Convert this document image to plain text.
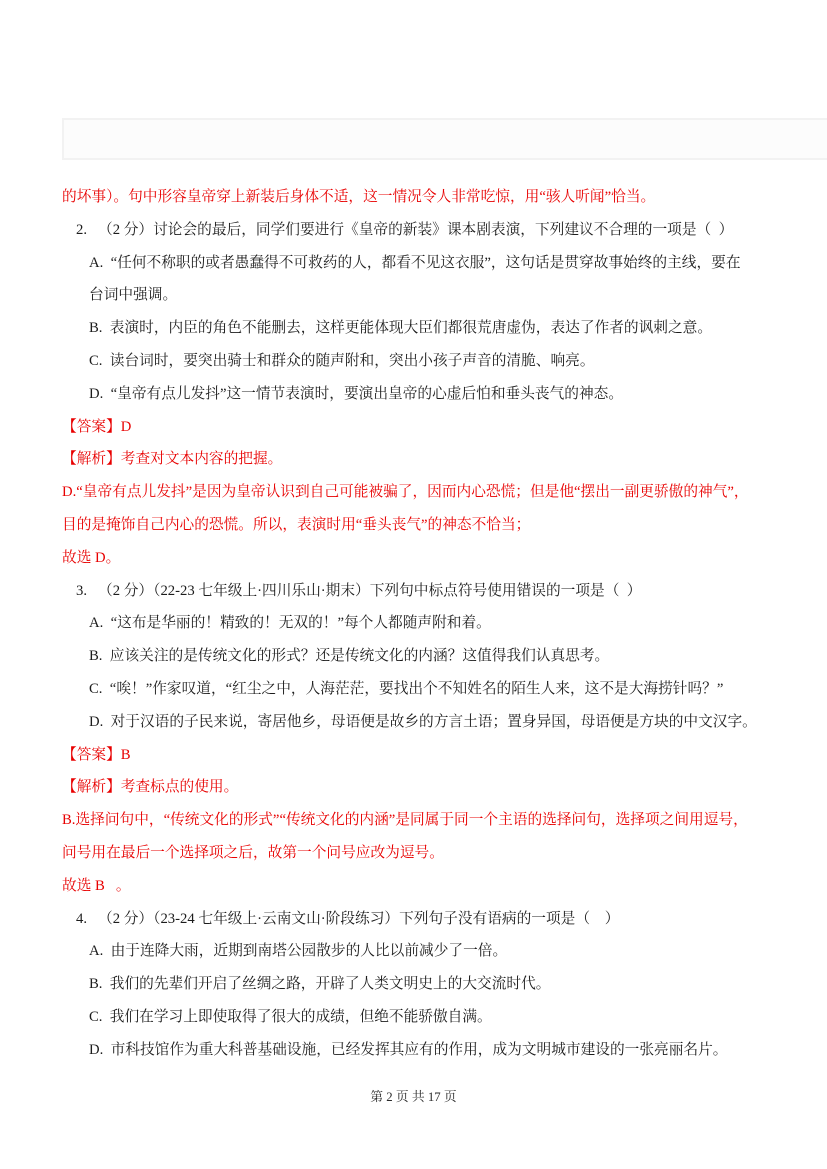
的坏事）。句中形容皇帝穿上新装后身体不适，这一情况令人非常吃惊，用“骇人听闻”恰当。
2.   （2 分）讨论会的最后，同学们要进行《皇帝的新装》课本剧表演，下列建议不合理的一项是（  ）
A.  “任何不称职的或者愚蠢得不可救药的人，都看不见这衣服”，这句话是贯穿故事始终的主线，要在
台词中强调。
B.  表演时，内臣的角色不能删去，这样更能体现大臣们都很荒唐虚伪，表达了作者的讽刺之意。
C.  读台词时，要突出骑士和群众的随声附和，突出小孩子声音的清脆、响亮。
D.  “皇帝有点儿发抖”这一情节表演时，要演出皇帝的心虚后怕和垂头丧气的神态。
【答案】D
【解析】考查对文本内容的把握。
D.“皇帝有点儿发抖”是因为皇帝认识到自己可能被骗了，因而内心恐慌；但是他“摆出一副更骄傲的神气”，
目的是掩饰自己内心的恐慌。所以，表演时用“垂头丧气”的神态不恰当；
故选 D。
3.   （2 分）（22-23 七年级上·四川乐山·期末）下列句中标点符号使用错误的一项是（  ）
A.  “这布是华丽的！精致的！无双的！”每个人都随声附和着。
B.  应该关注的是传统文化的形式？还是传统文化的内涵？这值得我们认真思考。
C.  “唉！”作家叹道，“红尘之中，人海茫茫，要找出个不知姓名的陌生人来，这不是大海捞针吗？”
D.  对于汉语的子民来说，寄居他乡，母语便是故乡的方言土语；置身异国，母语便是方块的中文汉字。
【答案】B
【解析】考查标点的使用。
B.选择问句中，“传统文化的形式”“传统文化的内涵”是同属于同一个主语的选择问句，选择项之间用逗号，
问号用在最后一个选择项之后，故第一个问号应改为逗号。
故选 B   。
4.   （2 分）（23-24 七年级上·云南文山·阶段练习）下列句子没有语病的一项是（    ）
A.  由于连降大雨，近期到南塔公园散步的人比以前减少了一倍。
B.  我们的先辈们开启了丝绸之路，开辟了人类文明史上的大交流时代。
C.  我们在学习上即使取得了很大的成绩，但绝不能骄傲自满。
D.  市科技馆作为重大科普基础设施，已经发挥其应有的作用，成为文明城市建设的一张亮丽名片。
第 2 页 共 17 页
